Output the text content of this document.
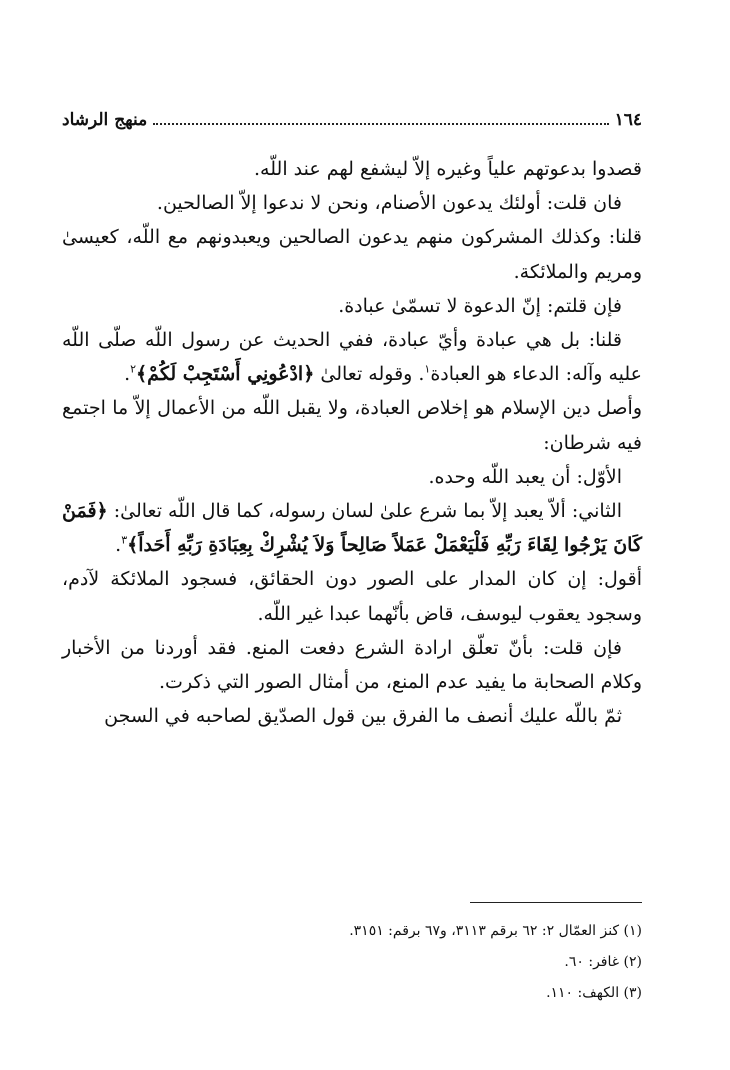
١٦٤
منهج الرشاد

قصدوا بدعوتهم علياً وغيره إلاّ ليشفع لهم عند اللّه.

فان قلت: أولئك يدعون الأصنام، ونحن لا ندعوا إلاّ الصالحين.

قلنا: وكذلك المشركون منهم يدعون الصالحين ويعبدونهم مع اللّه، كعيسىٰ ومريم والملائكة.

فإن قلتم: إنّ الدعوة لا تسمّىٰ عبادة.

قلنا: بل هي عبادة وأيّ عبادة، ففي الحديث عن رسول اللّه صلّى اللّه عليه وآله: الدعاء هو العبادة$^١$. وقوله تعالىٰ ﴿ادْعُونِي أَسْتَجِبْ لَكُمْ﴾$^٢$.

وأصل دين الإسلام هو إخلاص العبادة، ولا يقبل اللّه من الأعمال إلاّ ما اجتمع فيه شرطان:

الأوّل: أن يعبد اللّه وحده.

الثاني: ألاّ يعبد إلاّ بما شرع علىٰ لسان رسوله، كما قال اللّه تعالىٰ: ﴿فَمَنْ كَانَ يَرْجُوا لِقَاءَ رَبِّهِ فَلْيَعْمَلْ عَمَلاً صَالِحاً وَلاَ يُشْرِكْ بِعِبَادَةِ رَبِّهِ أَحَداً﴾$^٣$.

أقول: إن كان المدار على الصور دون الحقائق، فسجود الملائكة لآدم، وسجود يعقوب ليوسف، قاض بأنّهما عبدا غير اللّه.

فإن قلت: بأنّ تعلّق ارادة الشرع دفعت المنع. فقد أوردنا من الأخبار وكلام الصحابة ما يفيد عدم المنع، من أمثال الصور التي ذكرت.

ثمّ باللّه عليك أنصف ما الفرق بين قول الصدّيق لصاحبه في السجن

(١) كنز العمّال ٢: ٦٢ برقم ٣١١٣، و٦٧ برقم: ٣١٥١.

(٢) غافر: ٦٠.

(٣) الكهف: ١١٠.
